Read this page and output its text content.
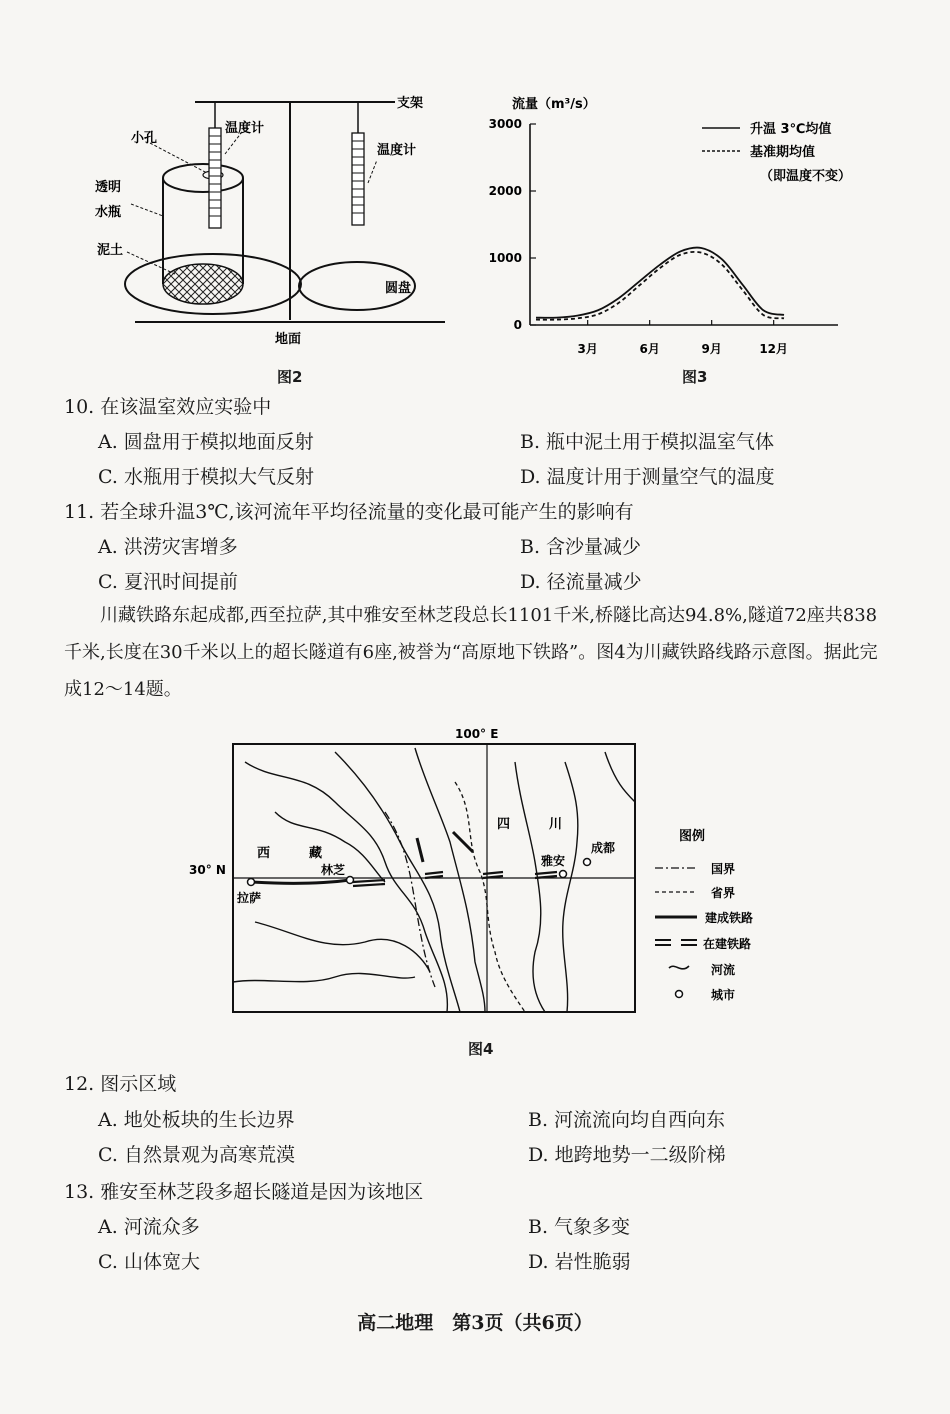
支架
地面
圆盘
温度计
温度计
小孔
透明
水瓶
泥土
图2
流量（m³/s）
3000
2000
1000
0
3月	6月	9月	12月
升温 3℃均值
基准期均值
（即温度不变）
图3
10. 在该温室效应实验中
A. 圆盘用于模拟地面反射	B. 瓶中泥土用于模拟温室气体
C. 水瓶用于模拟大气反射	D. 温度计用于测量空气的温度
11. 若全球升温3℃,该河流年平均径流量的变化最可能产生的影响有
A. 洪涝灾害增多	B. 含沙量减少
C. 夏汛时间提前	D. 径流量减少
川藏铁路东起成都,西至拉萨,其中雅安至林芝段总长1101千米,桥隧比高达94.8%,隧道72座共838千米,长度在30千米以上的超长隧道有6座,被誉为“高原地下铁路”。图4为川藏铁路线路示意图。据此完成12～14题。
100° E
30° N
西	藏
四	川
拉萨
林芝
雅安
成都
图例
国界
省界
建成铁路
在建铁路
河流
城市
图4
12. 图示区域
A. 地处板块的生长边界	B. 河流流向均自西向东
C. 自然景观为高寒荒漠	D. 地跨地势一二级阶梯
13. 雅安至林芝段多超长隧道是因为该地区
A. 河流众多	B. 气象多变
C. 山体宽大	D. 岩性脆弱
高二地理　第3页（共6页）
